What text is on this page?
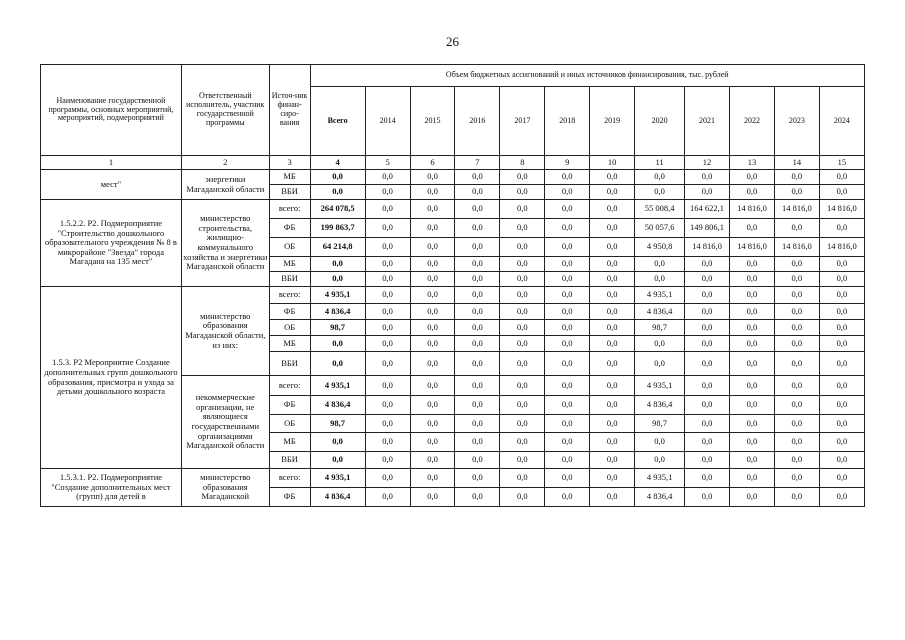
26
Наименование государственной программы, основных мероприятий, мероприятий, подмероприятий	Ответственный исполнитель, участник государственной программы	Источ-ник финан-сиро-вания	Объем бюджетных ассигнований и иных источников финансирования, тыс. рублей											
			Всего	2014	2015	2016	2017	2018	2019	2020	2021	2022	2023	2024
1	2	3	4	5	6	7	8	9	10	11	12	13	14	15
мест"	энергетики Магаданской области	МБ	0,0	0,0	0,0	0,0	0,0	0,0	0,0	0,0	0,0	0,0	0,0	0,0
		ВБИ	0,0	0,0	0,0	0,0	0,0	0,0	0,0	0,0	0,0	0,0	0,0	0,0
1.5.2.2. Р2. Подмероприятие "Строительство дошкольного образовательного учреждения № 8 в микрорайоне "Звезда" города Магадана на 135 мест"	министерство строительства, жилищно-коммунального хозяйства и энергетики Магаданской области	всего:	264 078,5	0,0	0,0	0,0	0,0	0,0	0,0	55 008,4	164 622,1	14 816,0	14 816,0	14 816,0
		ФБ	199 863,7	0,0	0,0	0,0	0,0	0,0	0,0	50 057,6	149 806,1	0,0	0,0	0,0
		ОБ	64 214,8	0,0	0,0	0,0	0,0	0,0	0,0	4 950,8	14 816,0	14 816,0	14 816,0	14 816,0
		МБ	0,0	0,0	0,0	0,0	0,0	0,0	0,0	0,0	0,0	0,0	0,0	0,0
		ВБИ	0,0	0,0	0,0	0,0	0,0	0,0	0,0	0,0	0,0	0,0	0,0	0,0
1.5.3. Р2 Мероприятие Создание дополнительных групп дошкольного образования, присмотра и ухода за детьми дошкольного возраста	министерство образования Магаданской области, из них:	всего:	4 935,1	0,0	0,0	0,0	0,0	0,0	0,0	4 935,1	0,0	0,0	0,0	0,0
		ФБ	4 836,4	0,0	0,0	0,0	0,0	0,0	0,0	4 836,4	0,0	0,0	0,0	0,0
		ОБ	98,7	0,0	0,0	0,0	0,0	0,0	0,0	98,7	0,0	0,0	0,0	0,0
		МБ	0,0	0,0	0,0	0,0	0,0	0,0	0,0	0,0	0,0	0,0	0,0	0,0
		ВБИ	0,0	0,0	0,0	0,0	0,0	0,0	0,0	0,0	0,0	0,0	0,0	0,0
	некоммерческие организации, не являющиеся государственными организациями Магаданской области	всего:	4 935,1	0,0	0,0	0,0	0,0	0,0	0,0	4 935,1	0,0	0,0	0,0	0,0
		ФБ	4 836,4	0,0	0,0	0,0	0,0	0,0	0,0	4 836,4	0,0	0,0	0,0	0,0
		ОБ	98,7	0,0	0,0	0,0	0,0	0,0	0,0	98,7	0,0	0,0	0,0	0,0
		МБ	0,0	0,0	0,0	0,0	0,0	0,0	0,0	0,0	0,0	0,0	0,0	0,0
		ВБИ	0,0	0,0	0,0	0,0	0,0	0,0	0,0	0,0	0,0	0,0	0,0	0,0
1.5.3.1. Р2. Подмероприятие "Создание дополнительных мест (групп) для детей в	министерство образования Магаданской	всего:	4 935,1	0,0	0,0	0,0	0,0	0,0	0,0	4 935,1	0,0	0,0	0,0	0,0
		ФБ	4 836,4	0,0	0,0	0,0	0,0	0,0	0,0	4 836,4	0,0	0,0	0,0	0,0
